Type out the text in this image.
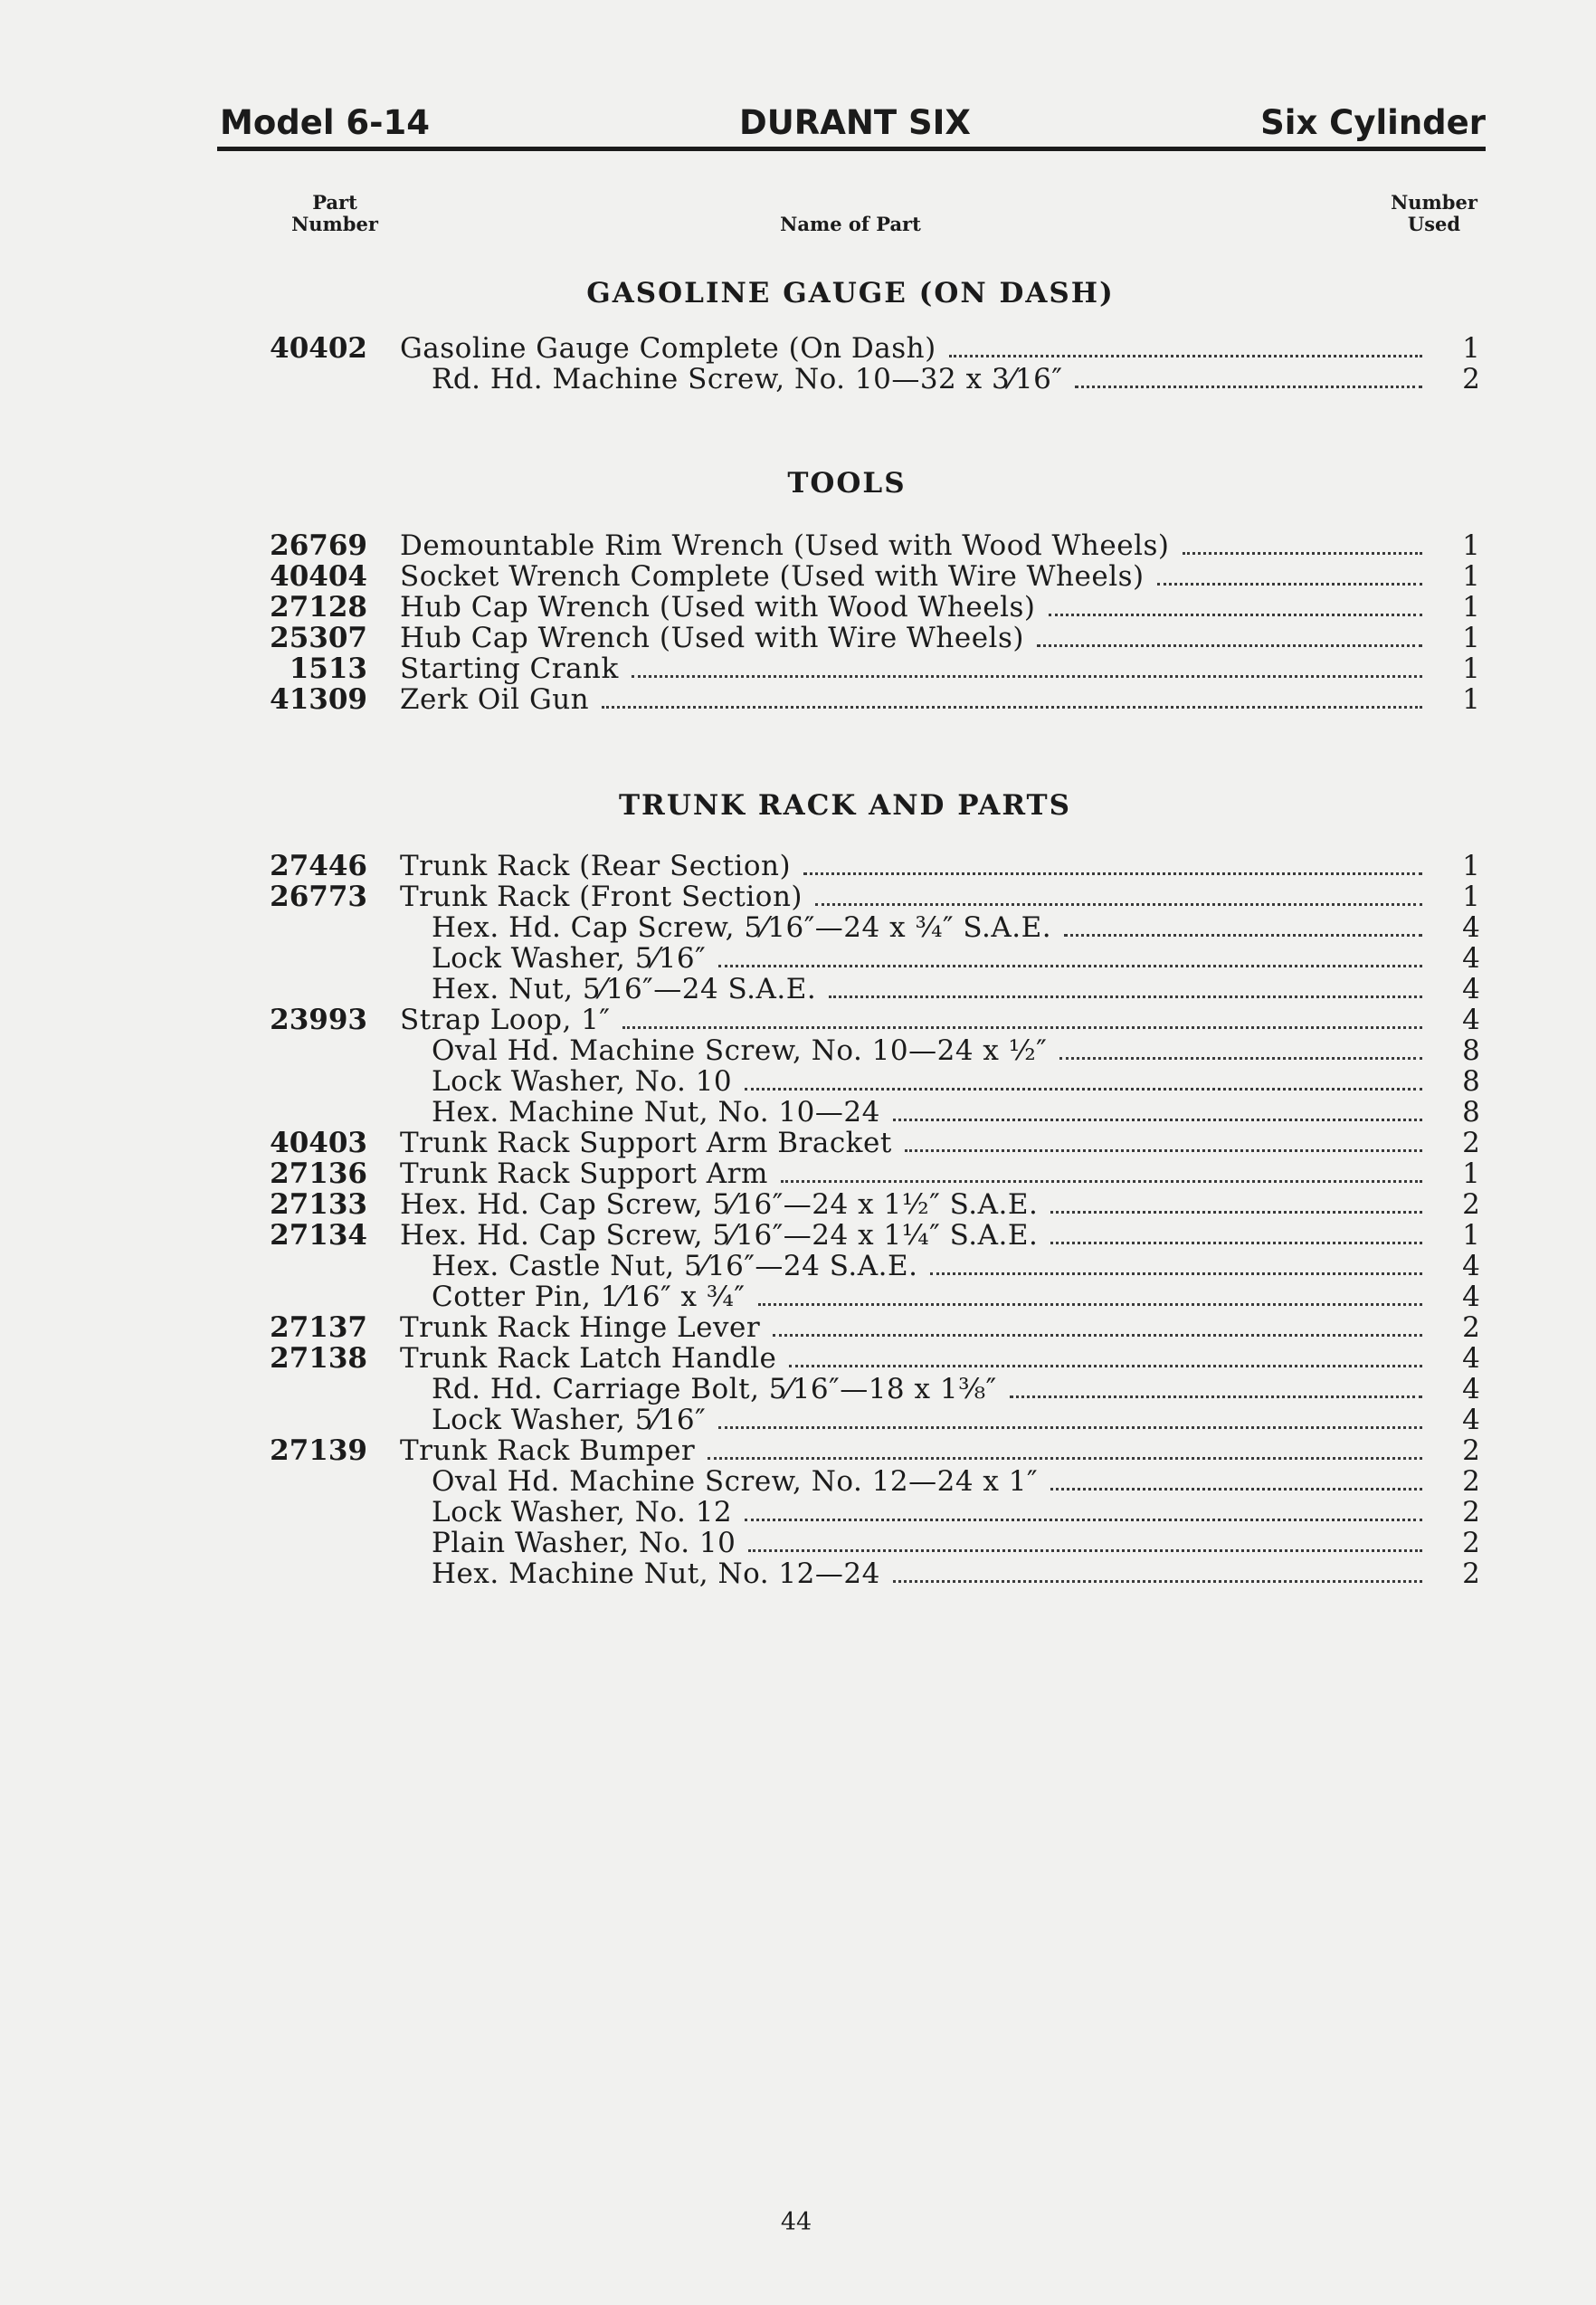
Model 6-14	DURANT SIX	Six Cylinder
Part
Number	Name of Part
Number
Used
GASOLINE GAUGE (ON DASH)
TOOLS
TRUNK RACK AND PARTS
40402 Gasoline Gauge Complete (On Dash)	1
Rd. Hd. Machine Screw, No. 10—32 x 3⁄16″	2
26769 Demountable Rim Wrench (Used with Wood Wheels)	1
40404 Socket Wrench Complete (Used with Wire Wheels)	1
27128 Hub Cap Wrench (Used with Wood Wheels)	1
25307 Hub Cap Wrench (Used with Wire Wheels)	1
1513 Starting Crank	1
41309 Zerk Oil Gun	1
27446 Trunk Rack (Rear Section)	1
26773 Trunk Rack (Front Section)	1
Hex. Hd. Cap Screw, 5⁄16″—24 x ¾″ S.A.E.	4
Lock Washer, 5⁄16″	4
Hex. Nut, 5⁄16″—24 S.A.E.	4
23993 Strap Loop, 1″	4
Oval Hd. Machine Screw, No. 10—24 x ½″	8
Lock Washer, No. 10	8
Hex. Machine Nut, No. 10—24	8
40403 Trunk Rack Support Arm Bracket	2
27136 Trunk Rack Support Arm	1
27133 Hex. Hd. Cap Screw, 5⁄16″—24 x 1½″ S.A.E.	2
27134 Hex. Hd. Cap Screw, 5⁄16″—24 x 1¼″ S.A.E.	1
Hex. Castle Nut, 5⁄16″—24 S.A.E.	4
Cotter Pin, 1⁄16″ x ¾″	4
27137 Trunk Rack Hinge Lever	2
27138 Trunk Rack Latch Handle	4
Rd. Hd. Carriage Bolt, 5⁄16″—18 x 1⅜″	4
Lock Washer, 5⁄16″	4
27139 Trunk Rack Bumper	2
Oval Hd. Machine Screw, No. 12—24 x 1″	2
Lock Washer, No. 12	2
Plain Washer, No. 10	2
Hex. Machine Nut, No. 12—24	2
44
